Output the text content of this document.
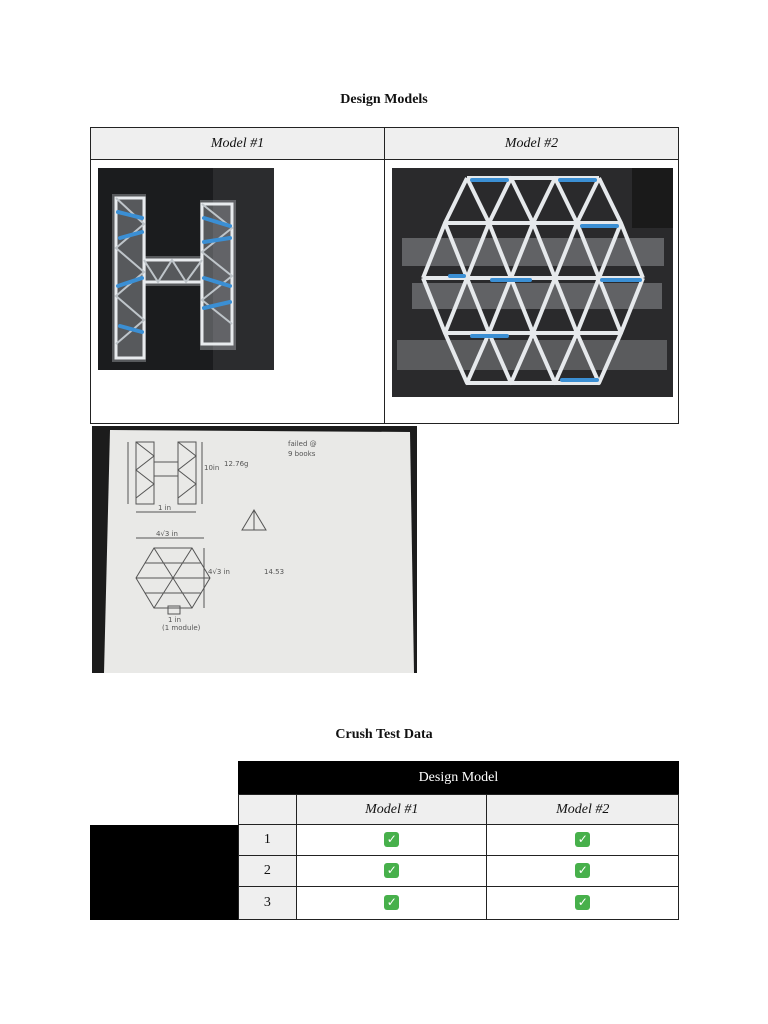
Design Models
Model #1	Model #2

10in 12.76g
failed @
9 books
1 in
4√3 in
4√3 in	14.53
1 in
(1 module)
Crush Test Data
	Design Model		
		Model #1	Model #2
	1	✓	✓
	2	✓	✓
	3	✓	✓
